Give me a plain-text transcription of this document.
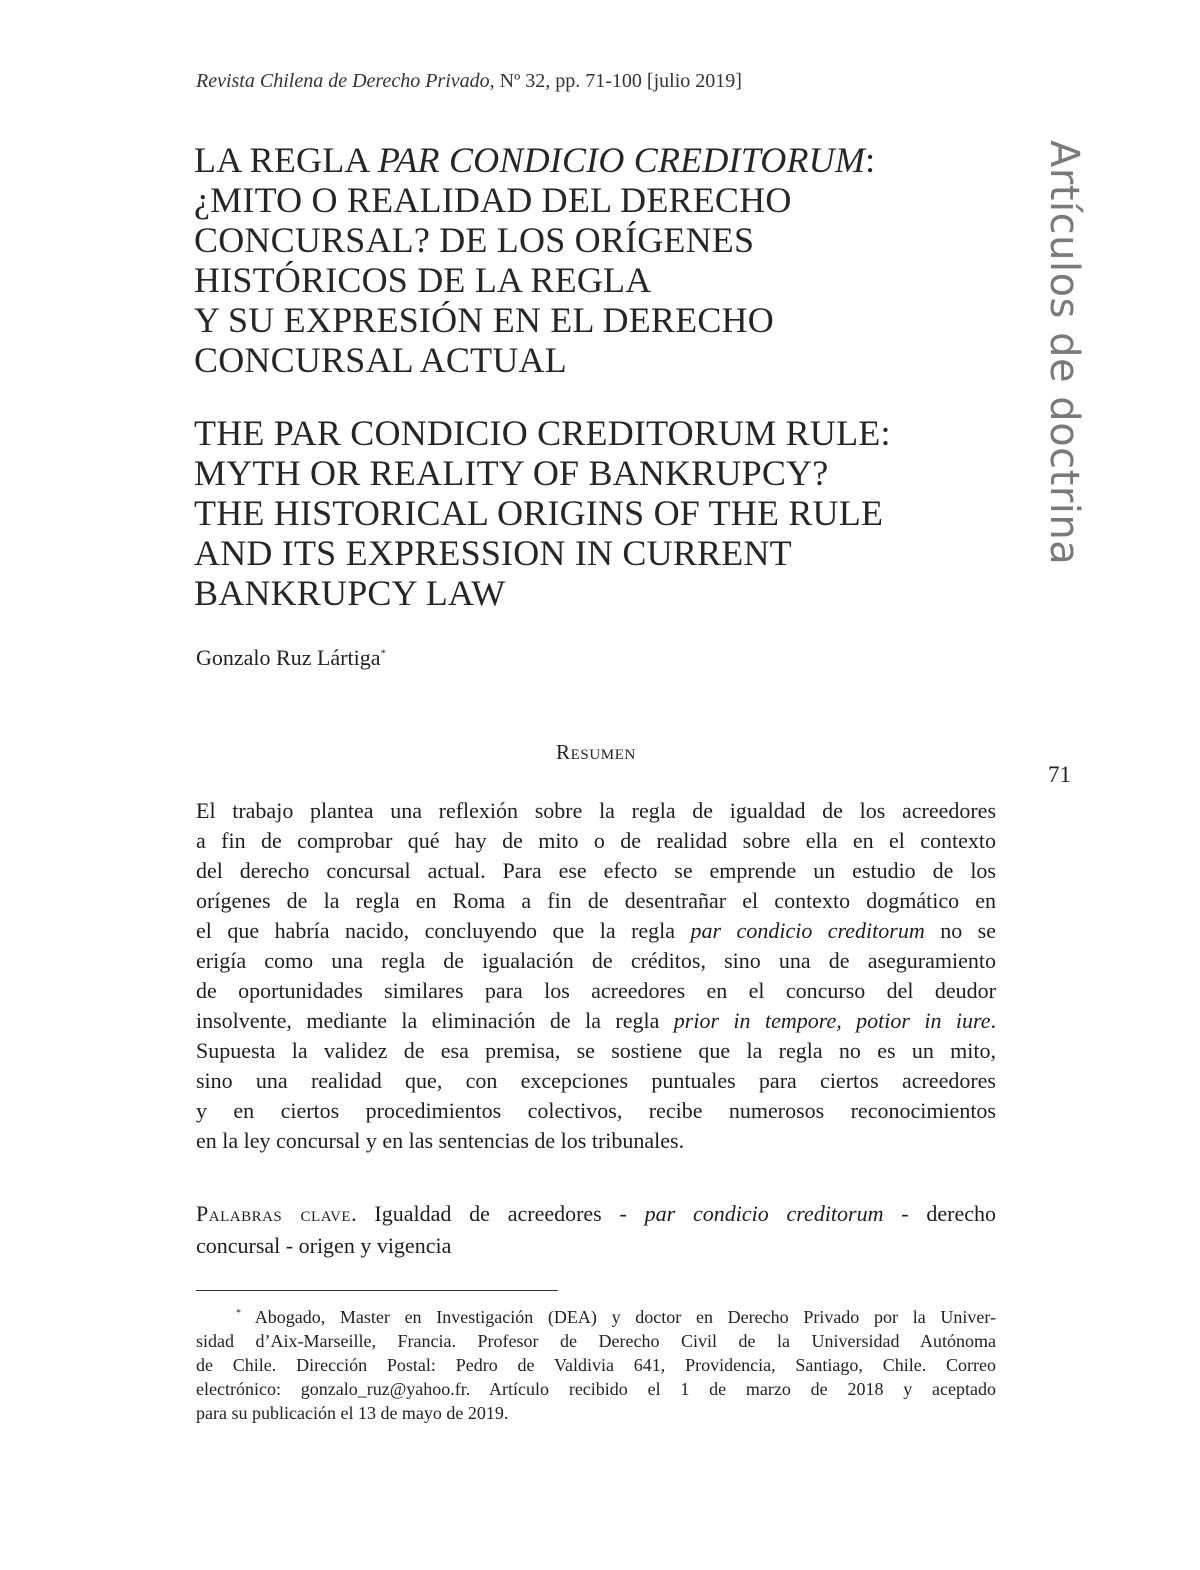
Revista Chilena de Derecho Privado, Nº 32, pp. 71-100 [julio 2019]
LA REGLA PAR CONDICIO CREDITORUM:
¿MITO O REALIDAD DEL DERECHO
CONCURSAL? DE LOS ORÍGENES
HISTÓRICOS DE LA REGLA
Y SU EXPRESIÓN EN EL DERECHO
CONCURSAL ACTUAL
THE PAR CONDICIO CREDITORUM RULE:
MYTH OR REALITY OF BANKRUPCY?
THE HISTORICAL ORIGINS OF THE RULE
AND ITS EXPRESSION IN CURRENT
BANKRUPCY LAW
Artículos de doctrina
Gonzalo Ruz Lártiga*
Resumen
71
El trabajo plantea una reflexión sobre la regla de igualdad de los acreedores
a fin de comprobar qué hay de mito o de realidad sobre ella en el contexto
del derecho concursal actual. Para ese efecto se emprende un estudio de los
orígenes de la regla en Roma a fin de desentrañar el contexto dogmático en
el que habría nacido, concluyendo que la regla par condicio creditorum no se
erigía como una regla de igualación de créditos, sino una de aseguramiento
de oportunidades similares para los acreedores en el concurso del deudor
insolvente, mediante la eliminación de la regla prior in tempore, potior in iure.
Supuesta la validez de esa premisa, se sostiene que la regla no es un mito,
sino una realidad que, con excepciones puntuales para ciertos acreedores
y en ciertos procedimientos colectivos, recibe numerosos reconocimientos
en la ley concursal y en las sentencias de los tribunales.
Palabras clave. Igualdad de acreedores - par condicio creditorum - derecho
concursal - origen y vigencia
* Abogado, Master en Investigación (DEA) y doctor en Derecho Privado por la Univer-
sidad d’Aix-Marseille, Francia. Profesor de Derecho Civil de la Universidad Autónoma
de Chile. Dirección Postal: Pedro de Valdivia 641, Providencia, Santiago, Chile. Correo
electrónico: gonzalo_ruz@yahoo.fr. Artículo recibido el 1 de marzo de 2018 y aceptado
para su publicación el 13 de mayo de 2019.
